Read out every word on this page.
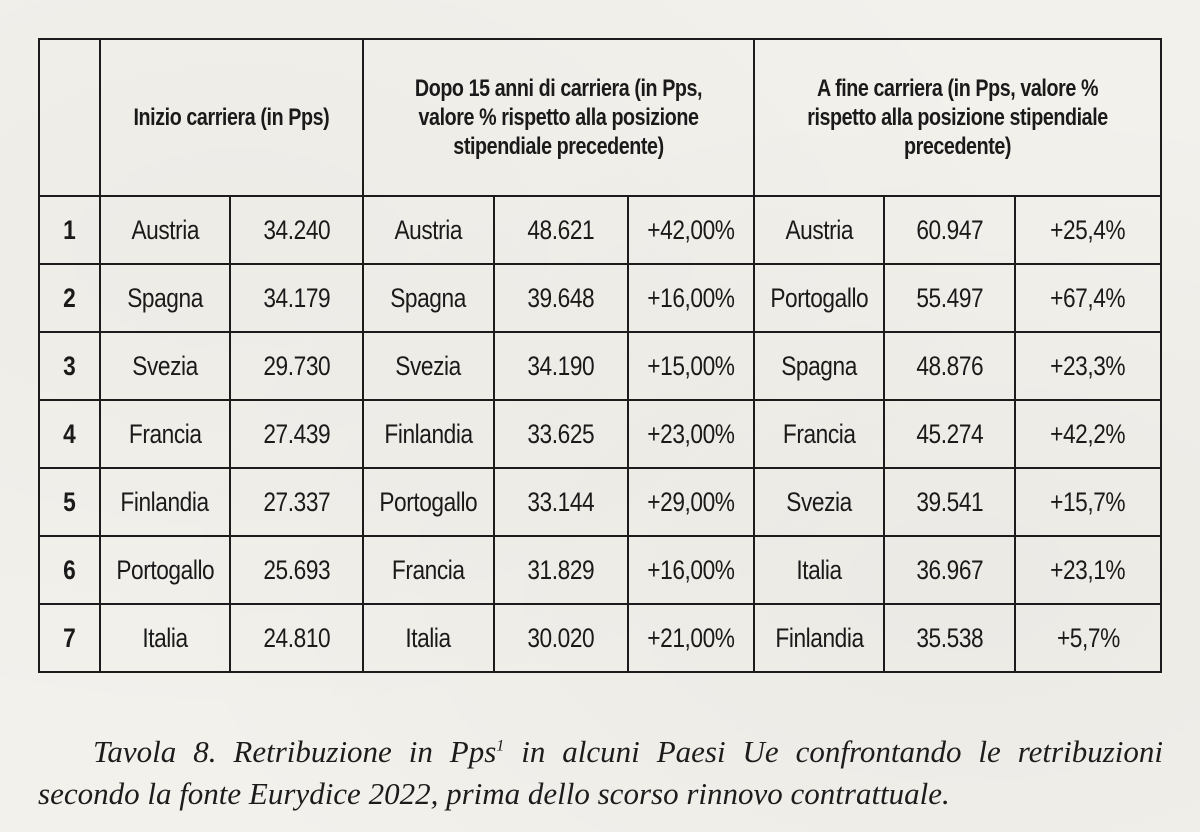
	Inizio carriera (in Pps)		Dopo 15 anni di carriera (in Pps, valore % rispetto alla posizione stipendiale precedente)			A fine carriera (in Pps, valore % rispetto alla posizione stipendiale precedente)		
1	Austria	34.240	Austria	48.621	+42,00%	Austria	60.947	+25,4%
2	Spagna	34.179	Spagna	39.648	+16,00%	Portogallo	55.497	+67,4%
3	Svezia	29.730	Svezia	34.190	+15,00%	Spagna	48.876	+23,3%
4	Francia	27.439	Finlandia	33.625	+23,00%	Francia	45.274	+42,2%
5	Finlandia	27.337	Portogallo	33.144	+29,00%	Svezia	39.541	+15,7%
6	Portogallo	25.693	Francia	31.829	+16,00%	Italia	36.967	+23,1%
7	Italia	24.810	Italia	30.020	+21,00%	Finlandia	35.538	+5,7%

Tavola 8. Retribuzione in Pps$^1$ in alcuni Paesi Ue confrontando le retribuzioni secondo la fonte Eurydice 2022, prima dello scorso rinnovo contrattuale.
